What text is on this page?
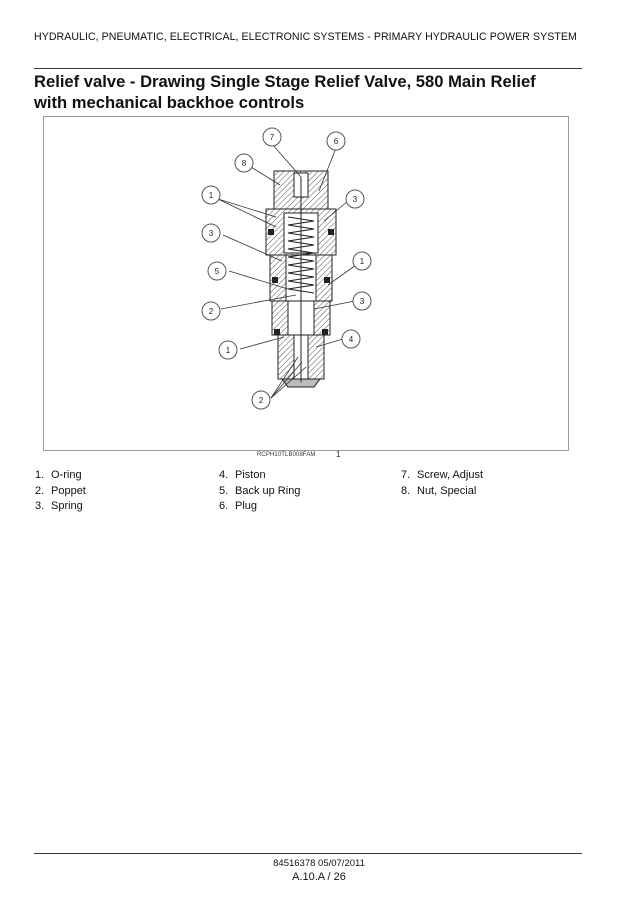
HYDRAULIC, PNEUMATIC, ELECTRICAL, ELECTRONIC SYSTEMS - PRIMARY HYDRAULIC POWER SYSTEM
Relief valve - Drawing Single Stage Relief Valve, 580 Main Relief
with mechanical backhoe controls
7	6
8
1	3
3
1
5
2
3
1
4
2
RCPH10TLB008FAM	1
1. O-ring
2. Poppet
3. Spring
4. Piston
5. Back up Ring
6. Plug
7. Screw, Adjust
8. Nut, Special
84516378 05/07/2011
A.10.A / 26
